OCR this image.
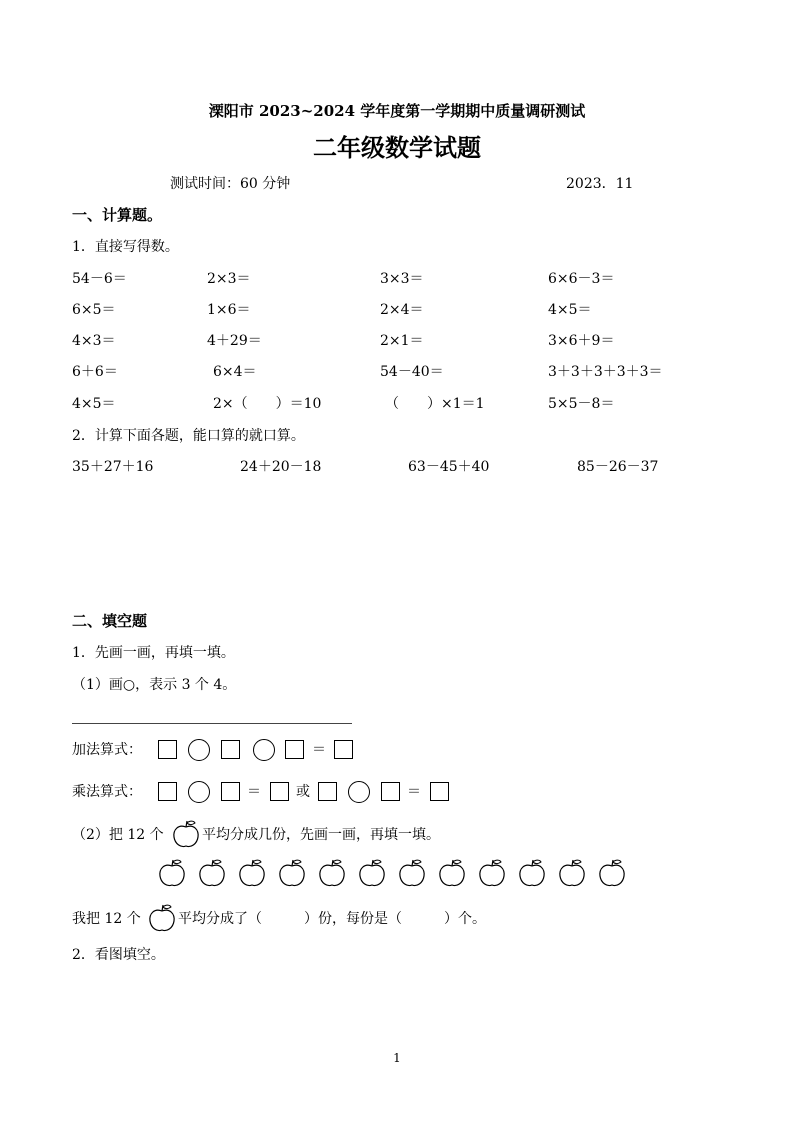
溧阳市 2023~2024 学年度第一学期期中质量调研测试
二年级数学试题
测试时间：60 分钟	2023．11
一、计算题。
1．直接写得数。
54－6＝	2×3＝	3×3＝	6×6－3＝
6×5＝	1×6＝	2×4＝	4×5＝
4×3＝	4＋29＝	2×1＝	3×6＋9＝
6＋6＝	6×4＝	54－40＝	3＋3＋3＋3＋3＝
4×5＝	2×（　　）＝10	（　　）×1＝1	5×5－8＝
2．计算下面各题，能口算的就口算。
35＋27＋16	24＋20－18	63－45＋40	85－26－37
二、填空题
1．先画一画，再填一填。
（1）画○，表示 3 个 4。
加法算式：	＝
乘法算式：	＝	或	＝
（2）把 12 个	平均分成几份，先画一画，再填一填。
我把 12 个	平均分成了（　　　）份，每份是（　　　）个。
2．看图填空。
1
